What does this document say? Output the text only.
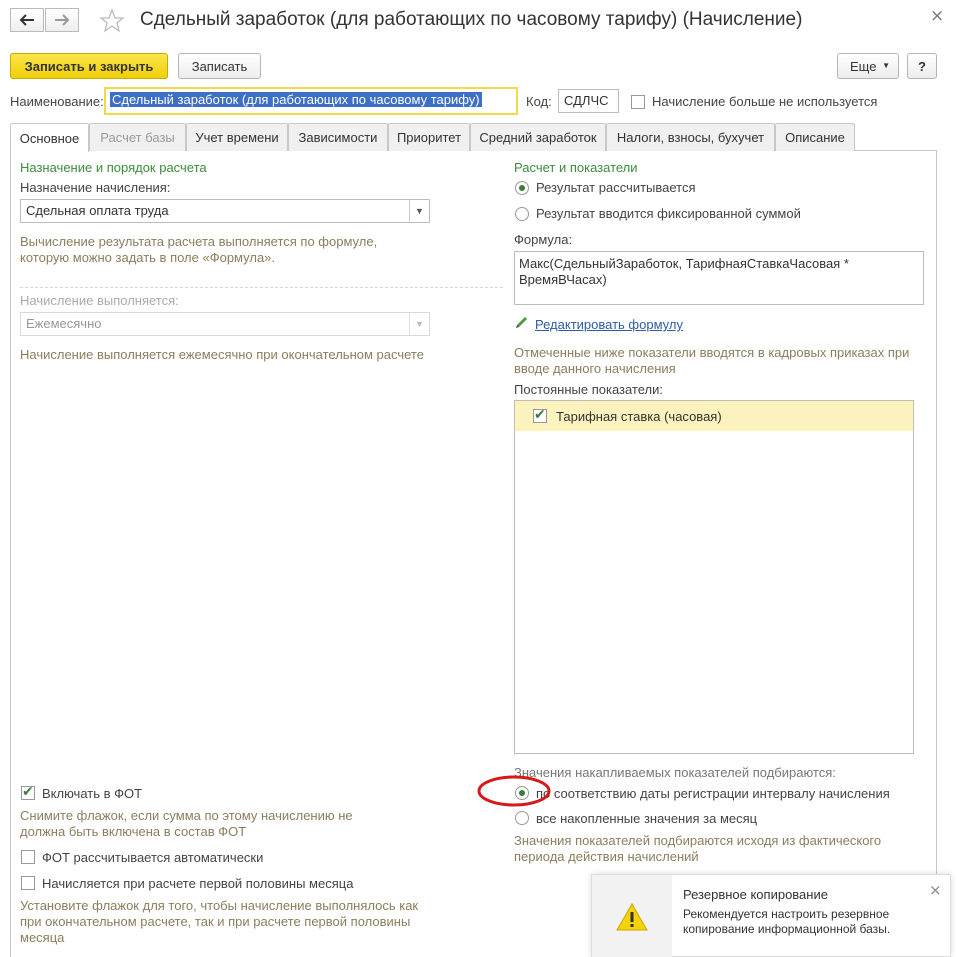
Сдельный заработок (для работающих по часовому тарифу) (Начисление)	×
Записать и закрыть	Записать	Еще ▼	?
Наименование: Сдельный заработок (для работающих по часовому тарифу)	Код: СДЛЧС	Начисление больше не используется
Основное	Расчет базы	Учет времени	Зависимости	Приоритет	Средний заработок	Налоги, взносы, бухучет	Описание
Назначение и порядок расчета
Назначение начисления:
Сдельная оплата труда	▼
Вычисление результата расчета выполняется по формуле, которую можно задать в поле «Формула».
Начисление выполняется:
Ежемесячно	▼
Начисление выполняется ежемесячно при окончательном расчете
✔
Включать в ФОТ
Снимите флажок, если сумма по этому начислению не должна быть включена в состав ФОТ
ФОТ рассчитывается автоматически
Начисляется при расчете первой половины месяца
Установите флажок для того, чтобы начисление выполнялось как при окончательном расчете, так и при расчете первой половины месяца
Расчет и показатели
Результат рассчитывается
Результат вводится фиксированной суммой
Формула:
Макс(СдельныйЗаработок, ТарифнаяСтавкаЧасовая * ВремяВЧасах)
Редактировать формулу
Отмеченные ниже показатели вводятся в кадровых приказах при вводе данного начисления
Постоянные показатели:
✔
Тарифная ставка (часовая)
Значения накапливаемых показателей подбираются:
по соответствию даты регистрации интервалу начисления
все накопленные значения за месяц
Значения показателей подбираются исходя из фактического периода действия начислений
Резервное копирование
Рекомендуется настроить резервное копирование информационной базы.
×
